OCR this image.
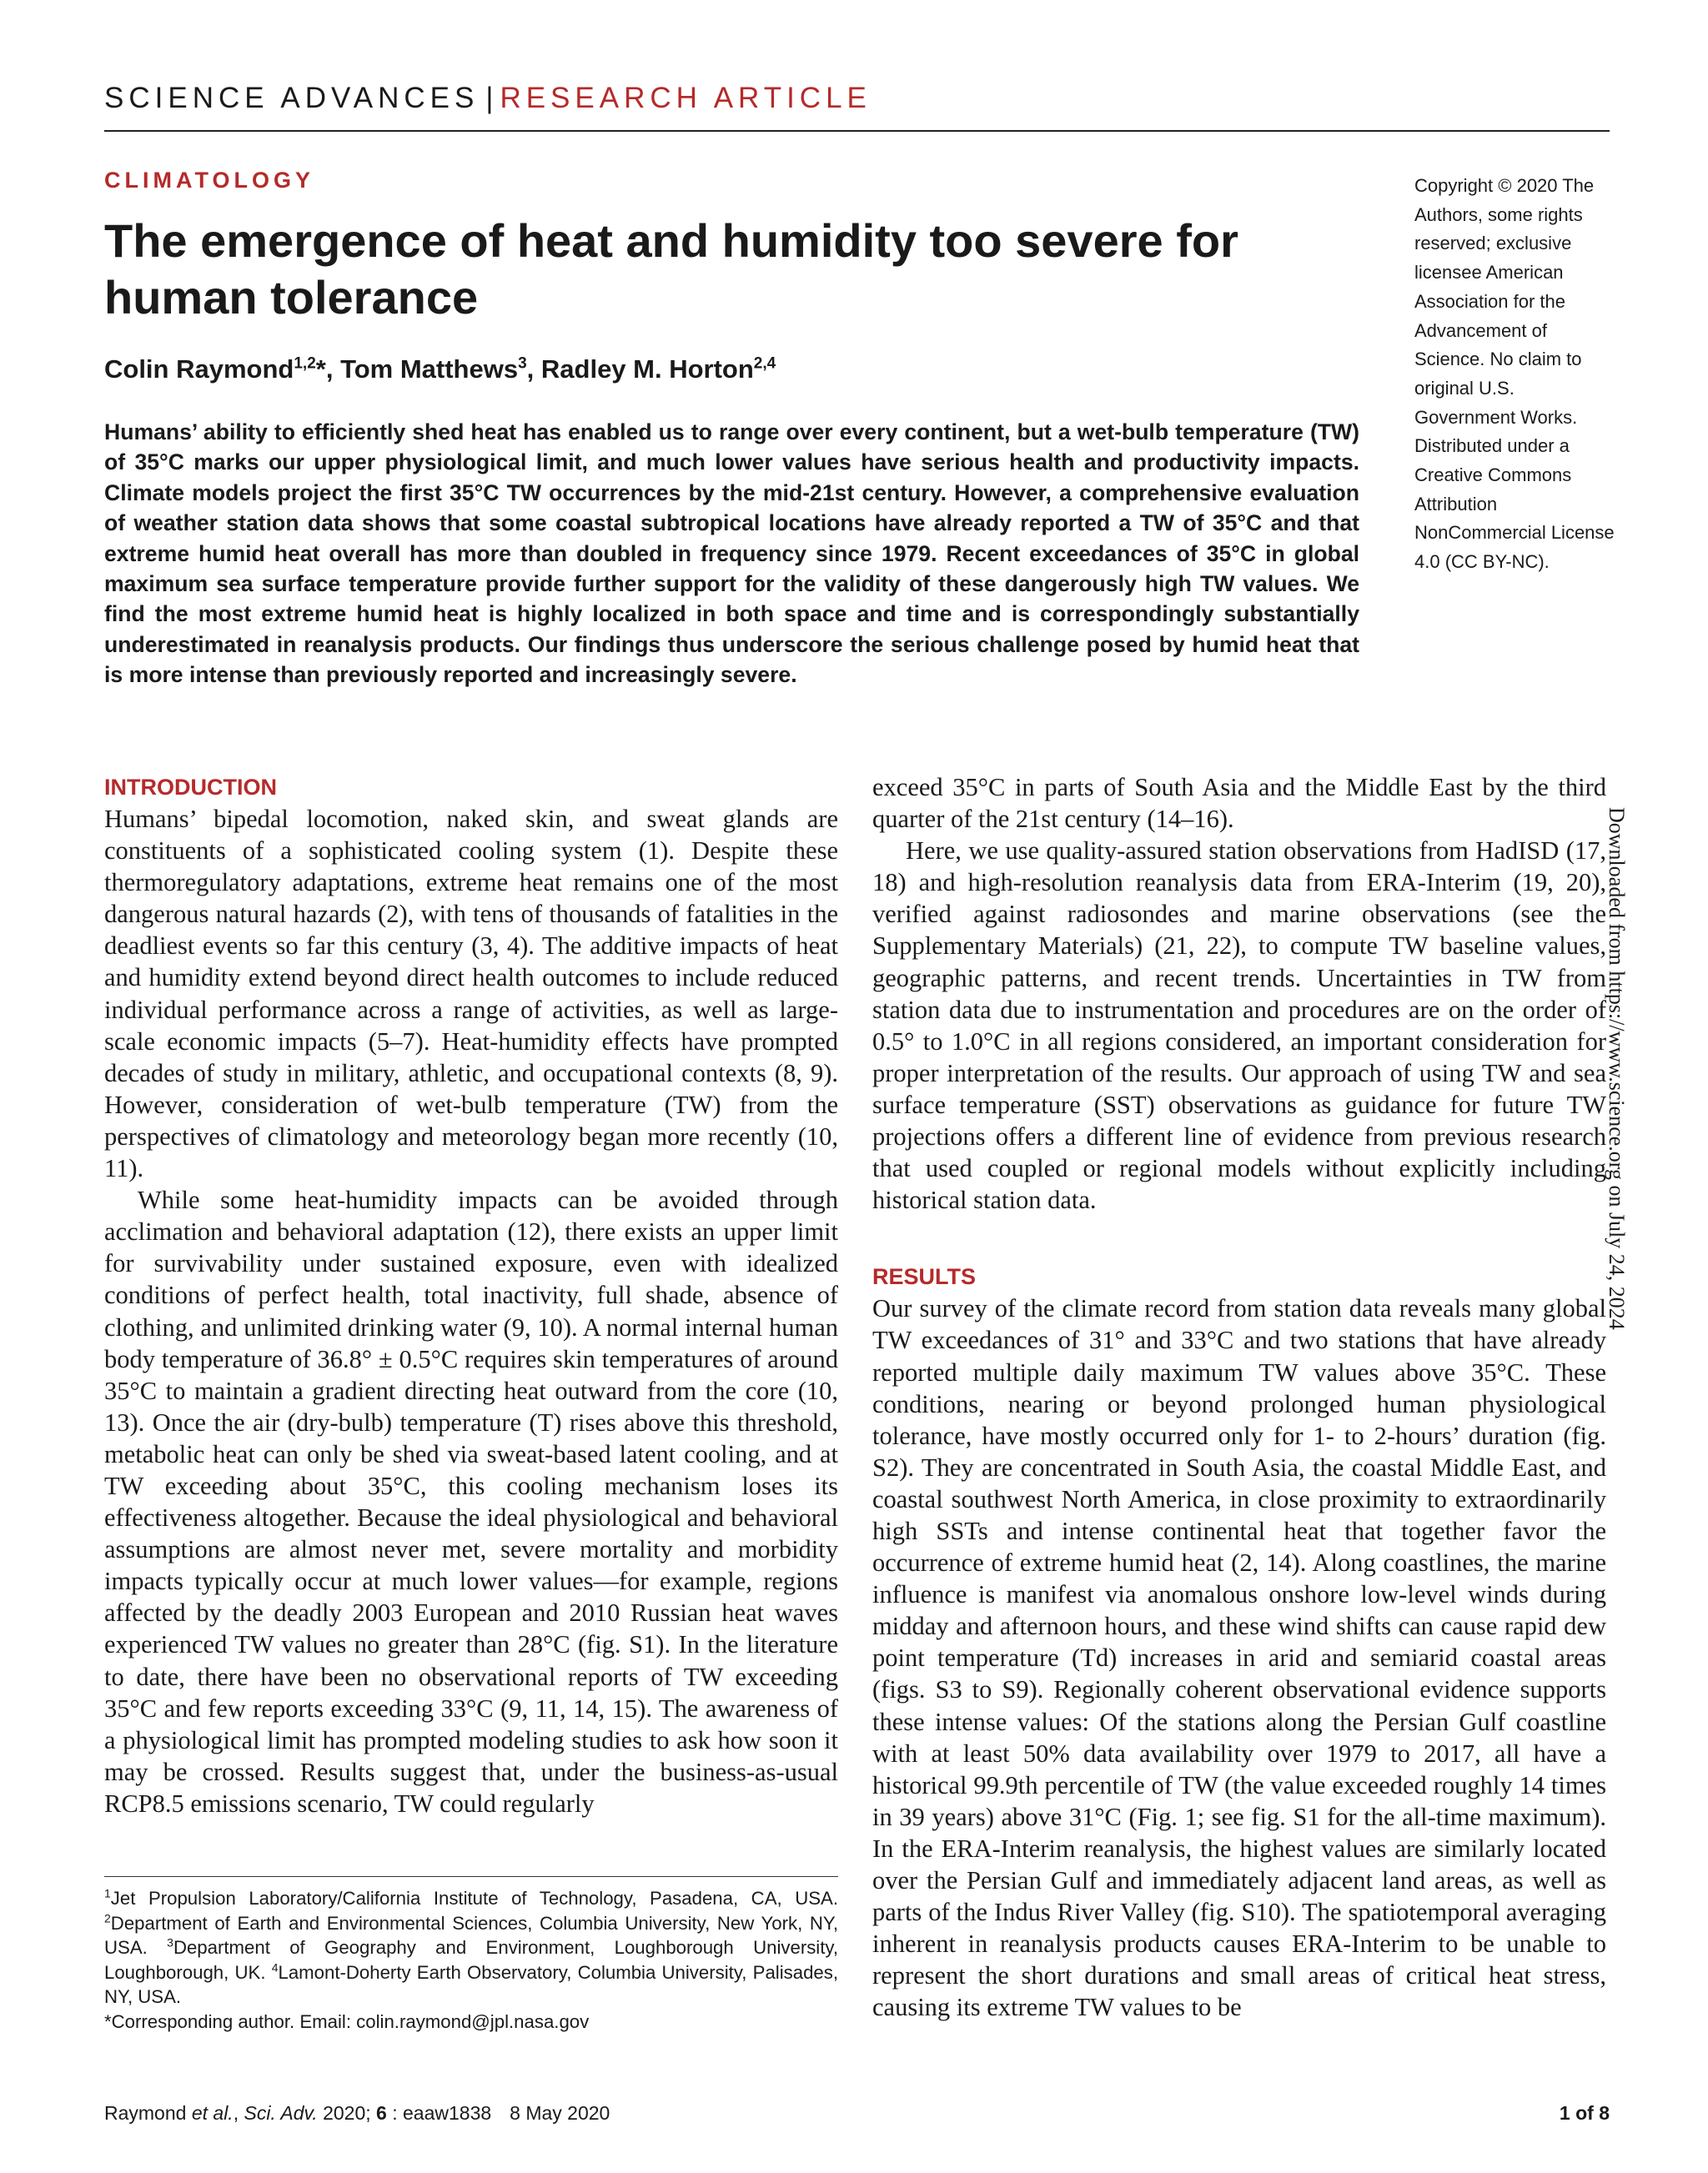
SCIENCE ADVANCES | RESEARCH ARTICLE
CLIMATOLOGY
The emergence of heat and humidity too severe for human tolerance
Colin Raymond$^{1,2}$*, Tom Matthews$^3$, Radley M. Horton$^{2,4}$

Humans’ ability to efficiently shed heat has enabled us to range over every continent, but a wet-bulb temperature (TW) of 35°C marks our upper physiological limit, and much lower values have serious health and productivity impacts. Climate models project the first 35°C TW occurrences by the mid-21st century. However, a comprehensive evaluation of weather station data shows that some coastal subtropical locations have already reported a TW of 35°C and that extreme humid heat overall has more than doubled in frequency since 1979. Recent exceedances of 35°C in global maximum sea surface temperature provide further support for the validity of these dangerously high TW values. We find the most extreme humid heat is highly localized in both space and time and is correspondingly substantially underestimated in reanalysis products. Our findings thus underscore the serious challenge posed by humid heat that is more intense than previously reported and increasingly severe.

Copyright © 2020 The Authors, some rights reserved; exclusive licensee American Association for the Advancement of Science. No claim to original U.S. Government Works. Distributed under a Creative Commons Attribution NonCommercial License 4.0 (CC BY-NC).

INTRODUCTION

Humans’ bipedal locomotion, naked skin, and sweat glands are constituents of a sophisticated cooling system (1). Despite these thermoregulatory adaptations, extreme heat remains one of the most dangerous natural hazards (2), with tens of thousands of fatalities in the deadliest events so far this century (3, 4). The additive impacts of heat and humidity extend beyond direct health outcomes to include reduced individual performance across a range of activities, as well as large-scale economic impacts (5–7). Heat-humidity effects have prompted decades of study in military, athletic, and occupational contexts (8, 9). However, consideration of wet-bulb temperature (TW) from the perspectives of climatology and meteorology began more recently (10, 11).

While some heat-humidity impacts can be avoided through acclimation and behavioral adaptation (12), there exists an upper limit for survivability under sustained exposure, even with idealized conditions of perfect health, total inactivity, full shade, absence of clothing, and unlimited drinking water (9, 10). A normal internal human body temperature of 36.8° ± 0.5°C requires skin temperatures of around 35°C to maintain a gradient directing heat outward from the core (10, 13). Once the air (dry-bulb) temperature (T) rises above this threshold, metabolic heat can only be shed via sweat-based latent cooling, and at TW exceeding about 35°C, this cooling mechanism loses its effectiveness altogether. Because the ideal physiological and behavioral assumptions are almost never met, severe mortality and morbidity impacts typically occur at much lower values—for example, regions affected by the deadly 2003 European and 2010 Russian heat waves experienced TW values no greater than 28°C (fig. S1). In the literature to date, there have been no observational reports of TW exceeding 35°C and few reports exceeding 33°C (9, 11, 14, 15). The awareness of a physiological limit has prompted modeling studies to ask how soon it may be crossed. Results suggest that, under the business-as-usual RCP8.5 emissions scenario, TW could regularly

exceed 35°C in parts of South Asia and the Middle East by the third quarter of the 21st century (14–16).

Here, we use quality-assured station observations from HadISD (17, 18) and high-resolution reanalysis data from ERA-Interim (19, 20), verified against radiosondes and marine observations (see the Supplementary Materials) (21, 22), to compute TW baseline values, geographic patterns, and recent trends. Uncertainties in TW from station data due to instrumentation and procedures are on the order of 0.5° to 1.0°C in all regions considered, an important consideration for proper interpretation of the results. Our approach of using TW and sea surface temperature (SST) observations as guidance for future TW projections offers a different line of evidence from previous research that used coupled or regional models without explicitly including historical station data.

RESULTS

Our survey of the climate record from station data reveals many global TW exceedances of 31° and 33°C and two stations that have already reported multiple daily maximum TW values above 35°C. These conditions, nearing or beyond prolonged human physiological tolerance, have mostly occurred only for 1- to 2-hours’ duration (fig. S2). They are concentrated in South Asia, the coastal Middle East, and coastal southwest North America, in close proximity to extraordinarily high SSTs and intense continental heat that together favor the occurrence of extreme humid heat (2, 14). Along coastlines, the marine influence is manifest via anomalous onshore low-level winds during midday and afternoon hours, and these wind shifts can cause rapid dew point temperature (Td) increases in arid and semiarid coastal areas (figs. S3 to S9). Regionally coherent observational evidence supports these intense values: Of the stations along the Persian Gulf coastline with at least 50% data availability over 1979 to 2017, all have a historical 99.9th percentile of TW (the value exceeded roughly 14 times in 39 years) above 31°C (Fig. 1; see fig. S1 for the all-time maximum). In the ERA-Interim reanalysis, the highest values are similarly located over the Persian Gulf and immediately adjacent land areas, as well as parts of the Indus River Valley (fig. S10). The spatiotemporal averaging inherent in reanalysis products causes ERA-Interim to be unable to represent the short durations and small areas of critical heat stress, causing its extreme TW values to be

$^1$Jet Propulsion Laboratory/California Institute of Technology, Pasadena, CA, USA. $^2$Department of Earth and Environmental Sciences, Columbia University, New York, NY, USA. $^3$Department of Geography and Environment, Loughborough University, Loughborough, UK. $^4$Lamont-Doherty Earth Observatory, Columbia University, Palisades, NY, USA.

*Corresponding author. Email: colin.raymond@jpl.nasa.gov

Downloaded from https://www.science.org on July 24, 2024
Raymond et al., Sci. Adv. 2020; 6 : eaaw1838 8 May 2020	1 of 8
